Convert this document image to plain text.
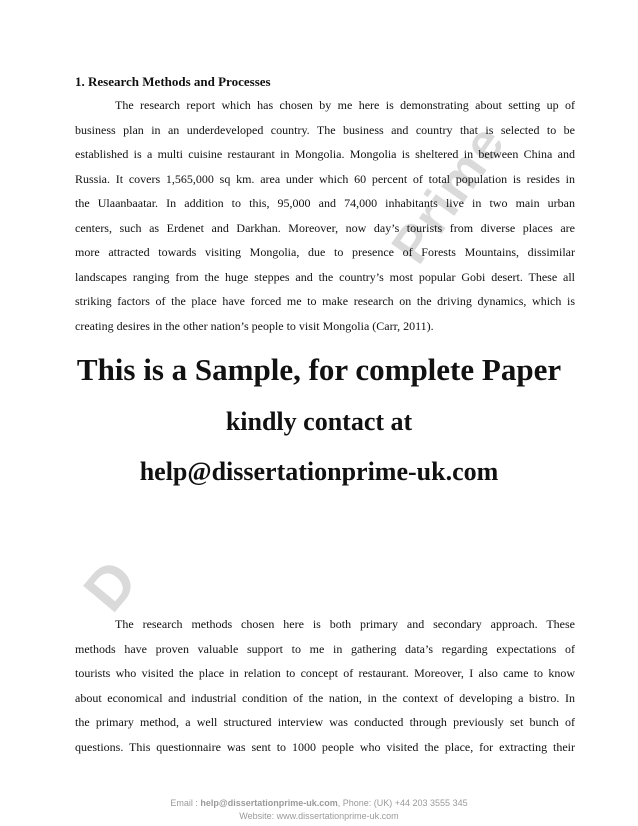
Prime
D
1. Research Methods and Processes
The research report which has chosen by me here is demonstrating about setting up of
business plan in an underdeveloped country. The business and country that is selected to be
established is a multi cuisine restaurant in Mongolia. Mongolia is sheltered in between China and
Russia. It covers 1,565,000 sq km. area under which 60 percent of total population is resides in
the Ulaanbaatar. In addition to this, 95,000 and 74,000 inhabitants live in two main urban
centers, such as Erdenet and Darkhan. Moreover, now day’s tourists from diverse places are
more attracted towards visiting Mongolia, due to presence of Forests Mountains, dissimilar
landscapes ranging from the huge steppes and the country’s most popular Gobi desert. These all
striking factors of the place have forced me to make research on the driving dynamics, which is
creating desires in the other nation’s people to visit Mongolia (Carr, 2011).
This is a Sample, for complete Paper
kindly contact at
help@dissertationprime-uk.com
The research methods chosen here is both primary and secondary approach. These
methods have proven valuable support to me in gathering data’s regarding expectations of
tourists who visited the place in relation to concept of restaurant. Moreover, I also came to know
about economical and industrial condition of the nation, in the context of developing a bistro. In
the primary method, a well structured interview was conducted through previously set bunch of
questions. This questionnaire was sent to 1000 people who visited the place, for extracting their
Email : help@dissertationprime-uk.com, Phone: (UK) +44 203 3555 345
Website: www.dissertationprime-uk.com
